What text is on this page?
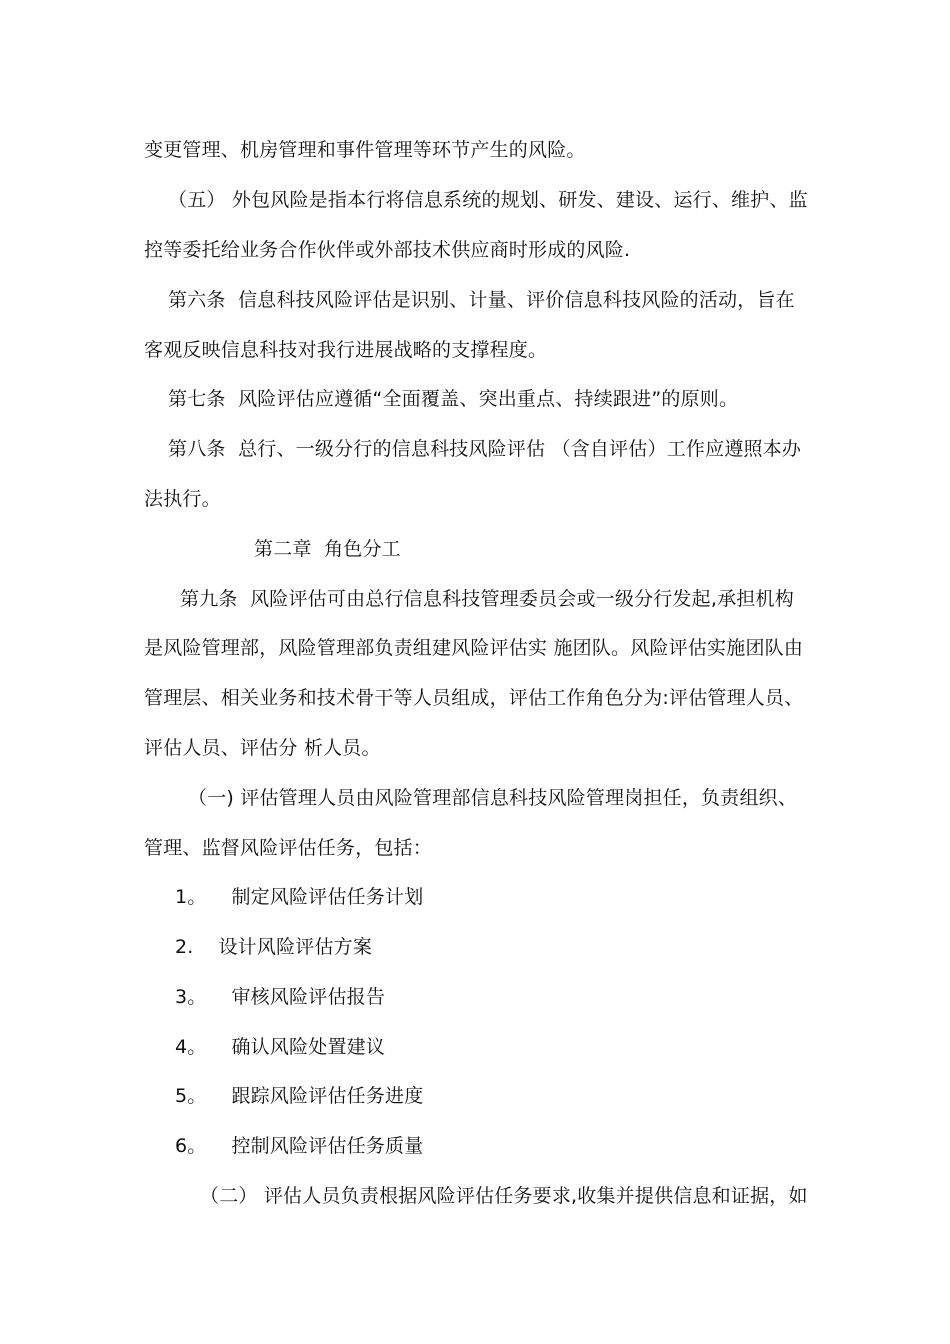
变更管理、机房管理和事件管理等环节产生的风险。
（五） 外包风险是指本行将信息系统的规划、研发、建设、运行、维护、监
控等委托给业务合作伙伴或外部技术供应商时形成的风险.
第六条  信息科技风险评估是识别、计量、评价信息科技风险的活动，旨在
客观反映信息科技对我行进展战略的支撑程度。
第七条  风险评估应遵循“全面覆盖、突出重点、持续跟进”的原则。
第八条  总行、一级分行的信息科技风险评估 （含自评估）工作应遵照本办
法执行。
第二章  角色分工
第九条  风险评估可由总行信息科技管理委员会或一级分行发起,承担机构
是风险管理部，风险管理部负责组建风险评估实 施团队。风险评估实施团队由
管理层、相关业务和技术骨干等人员组成，评估工作角色分为:评估管理人员、
评估人员、评估分 析人员。
（一) 评估管理人员由风险管理部信息科技风险管理岗担任，负责组织、
管理、监督风险评估任务，包括：
1。    制定风险评估任务计划
2.    设计风险评估方案
3。    审核风险评估报告
4。    确认风险处置建议
5。    跟踪风险评估任务进度
6。    控制风险评估任务质量
（二） 评估人员负责根据风险评估任务要求,收集并提供信息和证据，如
